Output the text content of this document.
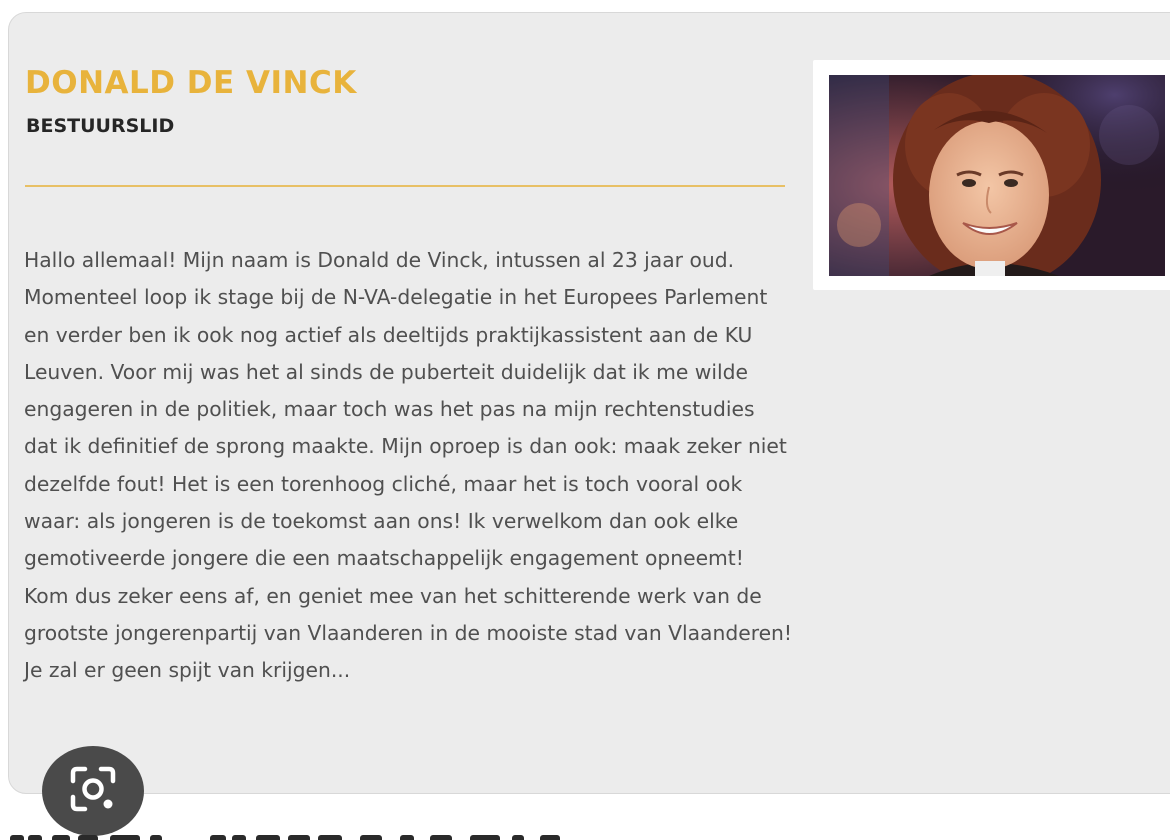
DONALD DE VINCK
BESTUURSLID

Hallo allemaal! Mijn naam is Donald de Vinck, intussen al 23 jaar oud. Momenteel loop ik stage bij de N-VA-delegatie in het Europees Parlement en verder ben ik ook nog actief als deeltijds praktijkassistent aan de KU Leuven. Voor mij was het al sinds de puberteit duidelijk dat ik me wilde engageren in de politiek, maar toch was het pas na mijn rechtenstudies dat ik definitief de sprong maakte. Mijn oproep is dan ook: maak zeker niet dezelfde fout! Het is een torenhoog cliché, maar het is toch vooral ook waar: als jongeren is de toekomst aan ons! Ik verwelkom dan ook elke gemotiveerde jongere die een maatschappelijk engagement opneemt! Kom dus zeker eens af, en geniet mee van het schitterende werk van de grootste jongerenpartij van Vlaanderen in de mooiste stad van Vlaanderen! Je zal er geen spijt van krijgen...
